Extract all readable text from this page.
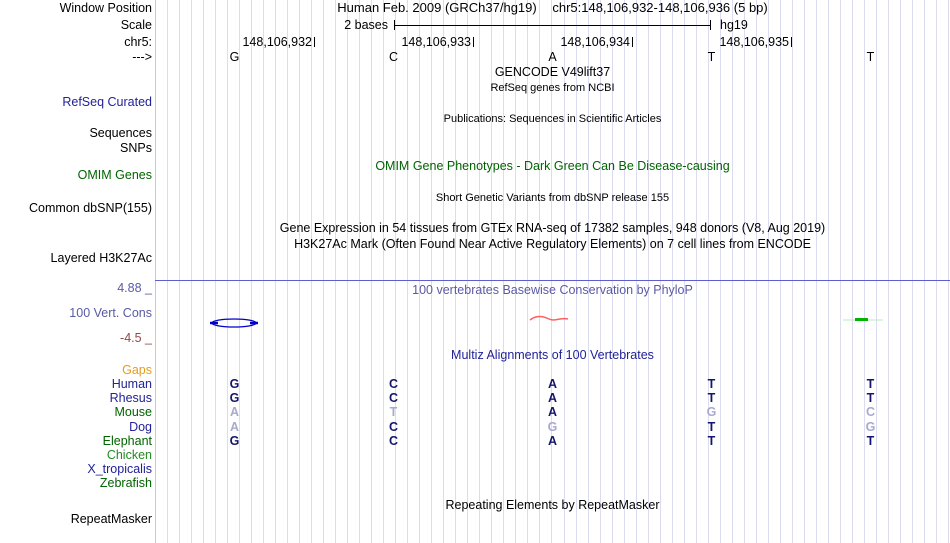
Human Feb. 2009 (GRCh37/hg19) chr5:148,106,932-148,106,936 (5 bp)
Window Position
Scale
chr5:
--->
2 bases	hg19
148,106,932	148,106,933	148,106,934	148,106,935
G	C	A	T	T
GENCODE V49lift37
RefSeq genes from NCBI
RefSeq Curated
Publications: Sequences in Scientific Articles
Sequences
SNPs
OMIM Gene Phenotypes - Dark Green Can Be Disease-causing
OMIM Genes
Short Genetic Variants from dbSNP release 155
Common dbSNP(155)
Gene Expression in 54 tissues from GTEx RNA-seq of 17382 samples, 948 donors (V8, Aug 2019)
H3K27Ac Mark (Often Found Near Active Regulatory Elements) on 7 cell lines from ENCODE
Layered H3K27Ac
4.88 _	100 vertebrates Basewise Conservation by PhyloP
100 Vert. Cons
-4.5 _
Multiz Alignments of 100 Vertebrates
Gaps
Human	G	C	A	T	T
Rhesus	G	C	A	T	T
Mouse	A	T	A	G	C
Dog	A	C	G	T	G
Elephant	G	C	A	T	T
Chicken
X_tropicalis
Zebrafish
Repeating Elements by RepeatMasker
RepeatMasker
